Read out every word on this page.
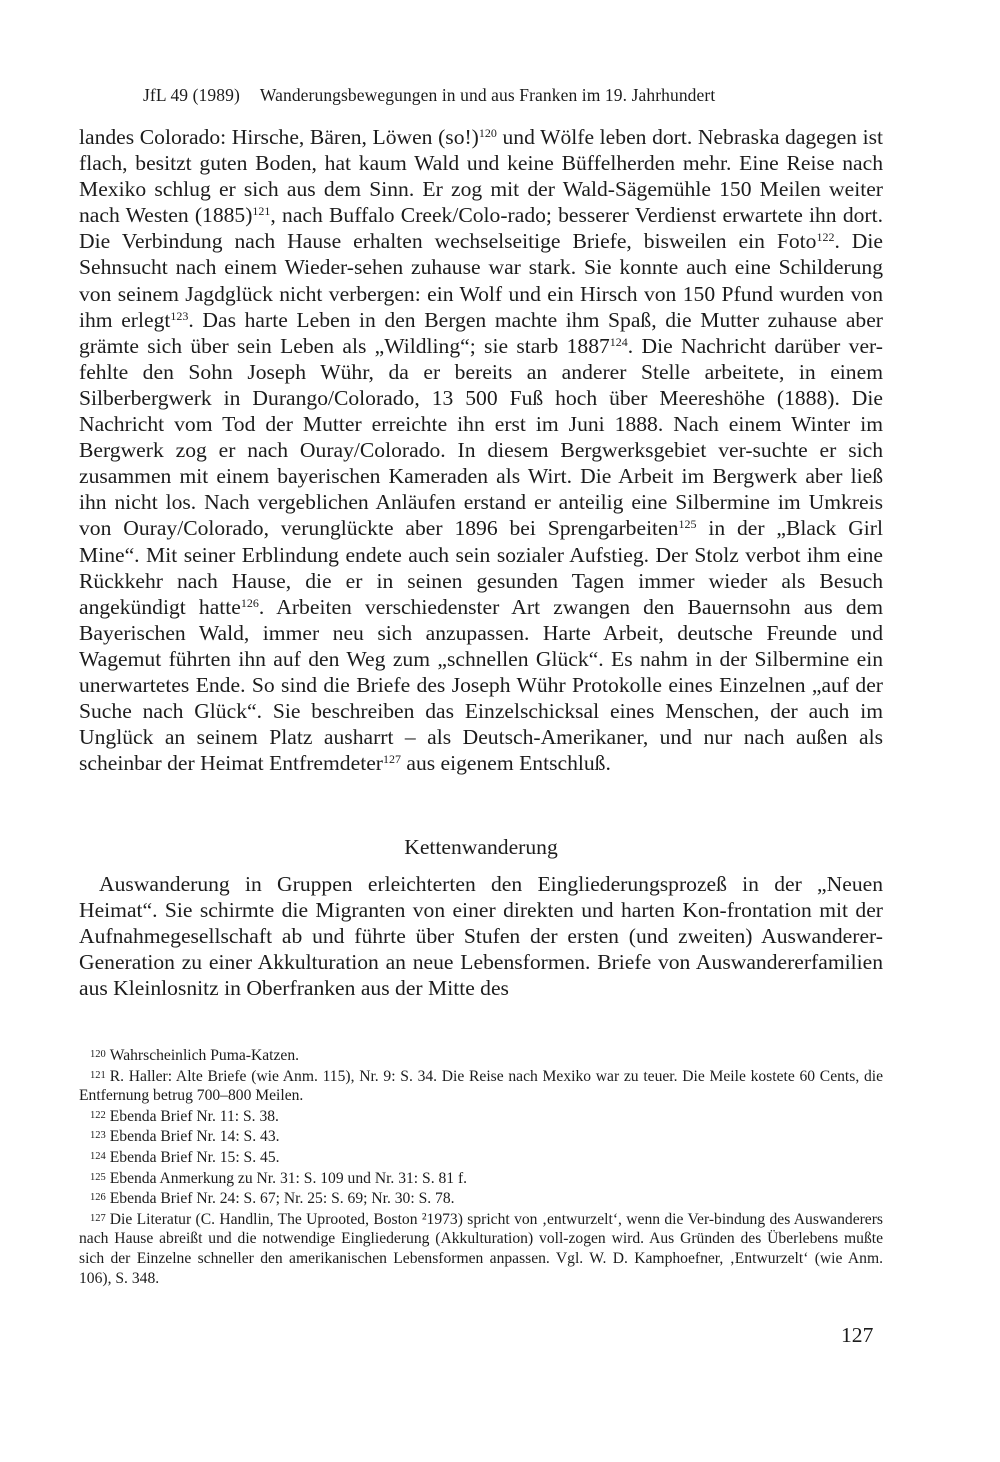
JfL 49 (1989) Wanderungsbewegungen in und aus Franken im 19. Jahrhundert

landes Colorado: Hirsche, Bären, Löwen $(so!)^{120}$ und Wölfe leben dort. Nebraska dagegen ist flach, besitzt guten Boden, hat kaum Wald und keine Büffelherden mehr. Eine Reise nach Mexiko schlug er sich aus dem Sinn. Er zog mit der Wald-Sägemühle 150 Meilen weiter nach Westen $(1885)^{121}$, nach Buffalo Creek/Colo-rado; besserer Verdienst erwartete ihn dort. Die Verbindung nach Hause erhalten wechselseitige Briefe, bisweilen ein Foto$^{122}$. Die Sehnsucht nach einem Wieder-sehen zuhause war stark. Sie konnte auch eine Schilderung von seinem Jagdglück nicht verbergen: ein Wolf und ein Hirsch von 150 Pfund wurden von ihm erlegt$^{123}$. Das harte Leben in den Bergen machte ihm Spaß, die Mutter zuhause aber grämte sich über sein Leben als „Wildling“; sie starb 1887$^{124}$. Die Nachricht darüber ver-fehlte den Sohn Joseph Wühr, da er bereits an anderer Stelle arbeitete, in einem Silberbergwerk in Durango/Colorado, 13 500 Fuß hoch über Meereshöhe (1888). Die Nachricht vom Tod der Mutter erreichte ihn erst im Juni 1888. Nach einem Winter im Bergwerk zog er nach Ouray/Colorado. In diesem Bergwerksgebiet ver-suchte er sich zusammen mit einem bayerischen Kameraden als Wirt. Die Arbeit im Bergwerk aber ließ ihn nicht los. Nach vergeblichen Anläufen erstand er anteilig eine Silbermine im Umkreis von Ouray/Colorado, verunglückte aber 1896 bei Sprengarbeiten$^{125}$ in der „Black Girl Mine“. Mit seiner Erblindung endete auch sein sozialer Aufstieg. Der Stolz verbot ihm eine Rückkehr nach Hause, die er in seinen gesunden Tagen immer wieder als Besuch angekündigt hatte$^{126}$. Arbeiten verschiedenster Art zwangen den Bauernsohn aus dem Bayerischen Wald, immer neu sich anzupassen. Harte Arbeit, deutsche Freunde und Wagemut führten ihn auf den Weg zum „schnellen Glück“. Es nahm in der Silbermine ein unerwartetes Ende. So sind die Briefe des Joseph Wühr Protokolle eines Einzelnen „auf der Suche nach Glück“. Sie beschreiben das Einzelschicksal eines Menschen, der auch im Unglück an seinem Platz ausharrt – als Deutsch-Amerikaner, und nur nach außen als scheinbar der Heimat Entfremdeter$^{127}$ aus eigenem Entschluß.

Kettenwanderung

Auswanderung in Gruppen erleichterten den Eingliederungsprozeß in der „Neuen Heimat“. Sie schirmte die Migranten von einer direkten und harten Kon-frontation mit der Aufnahmegesellschaft ab und führte über Stufen der ersten (und zweiten) Auswanderer-Generation zu einer Akkulturation an neue Lebensformen. Briefe von Auswandererfamilien aus Kleinlosnitz in Oberfranken aus der Mitte des

120 Wahrscheinlich Puma-Katzen.

121 R. Haller: Alte Briefe (wie Anm. 115), Nr. 9: S. 34. Die Reise nach Mexiko war zu teuer. Die Meile kostete 60 Cents, die Entfernung betrug 700–800 Meilen.

122 Ebenda Brief Nr. 11: S. 38.

123 Ebenda Brief Nr. 14: S. 43.

124 Ebenda Brief Nr. 15: S. 45.

125 Ebenda Anmerkung zu Nr. 31: S. 109 und Nr. 31: S. 81 f.

126 Ebenda Brief Nr. 24: S. 67; Nr. 25: S. 69; Nr. 30: S. 78.

127 Die Literatur (C. Handlin, The Uprooted, Boston ²1973) spricht von ‚entwurzelt‘, wenn die Ver-bindung des Auswanderers nach Hause abreißt und die notwendige Eingliederung (Akkulturation) voll-zogen wird. Aus Gründen des Überlebens mußte sich der Einzelne schneller den amerikanischen Lebensformen anpassen. Vgl. W. D. Kamphoefner, ‚Entwurzelt‘ (wie Anm. 106), S. 348.

127
